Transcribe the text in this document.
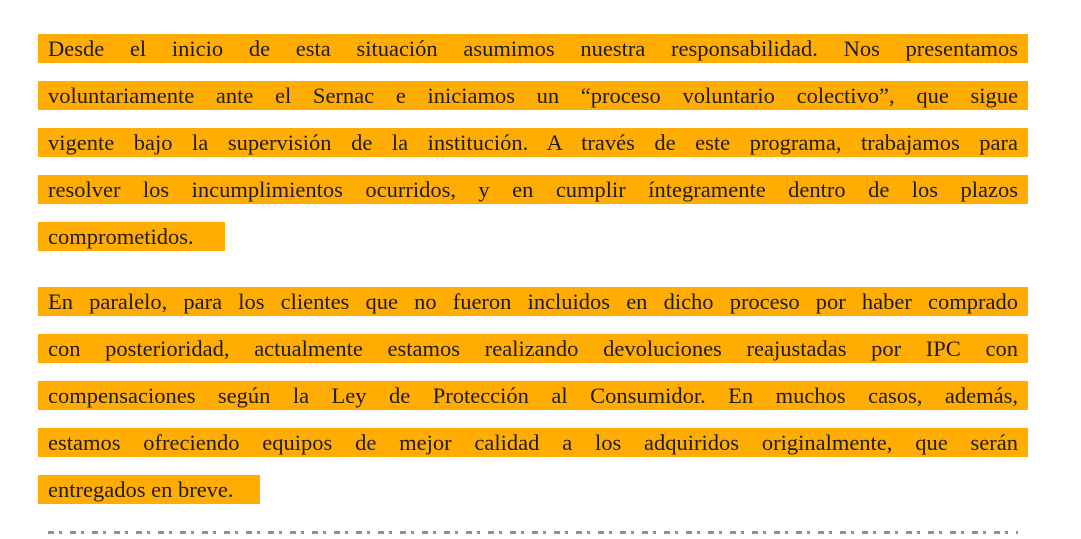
Desde el inicio de esta situación asumimos nuestra responsabilidad. Nos presentamos
voluntariamente ante el Sernac e iniciamos un “proceso voluntario colectivo”, que sigue
vigente bajo la supervisión de la institución. A través de este programa, trabajamos para
resolver los incumplimientos ocurridos, y en cumplir íntegramente dentro de los plazos
comprometidos.
En paralelo, para los clientes que no fueron incluidos en dicho proceso por haber comprado
con posterioridad, actualmente estamos realizando devoluciones reajustadas por IPC con
compensaciones según la Ley de Protección al Consumidor. En muchos casos, además,
estamos ofreciendo equipos de mejor calidad a los adquiridos originalmente, que serán
entregados en breve.
